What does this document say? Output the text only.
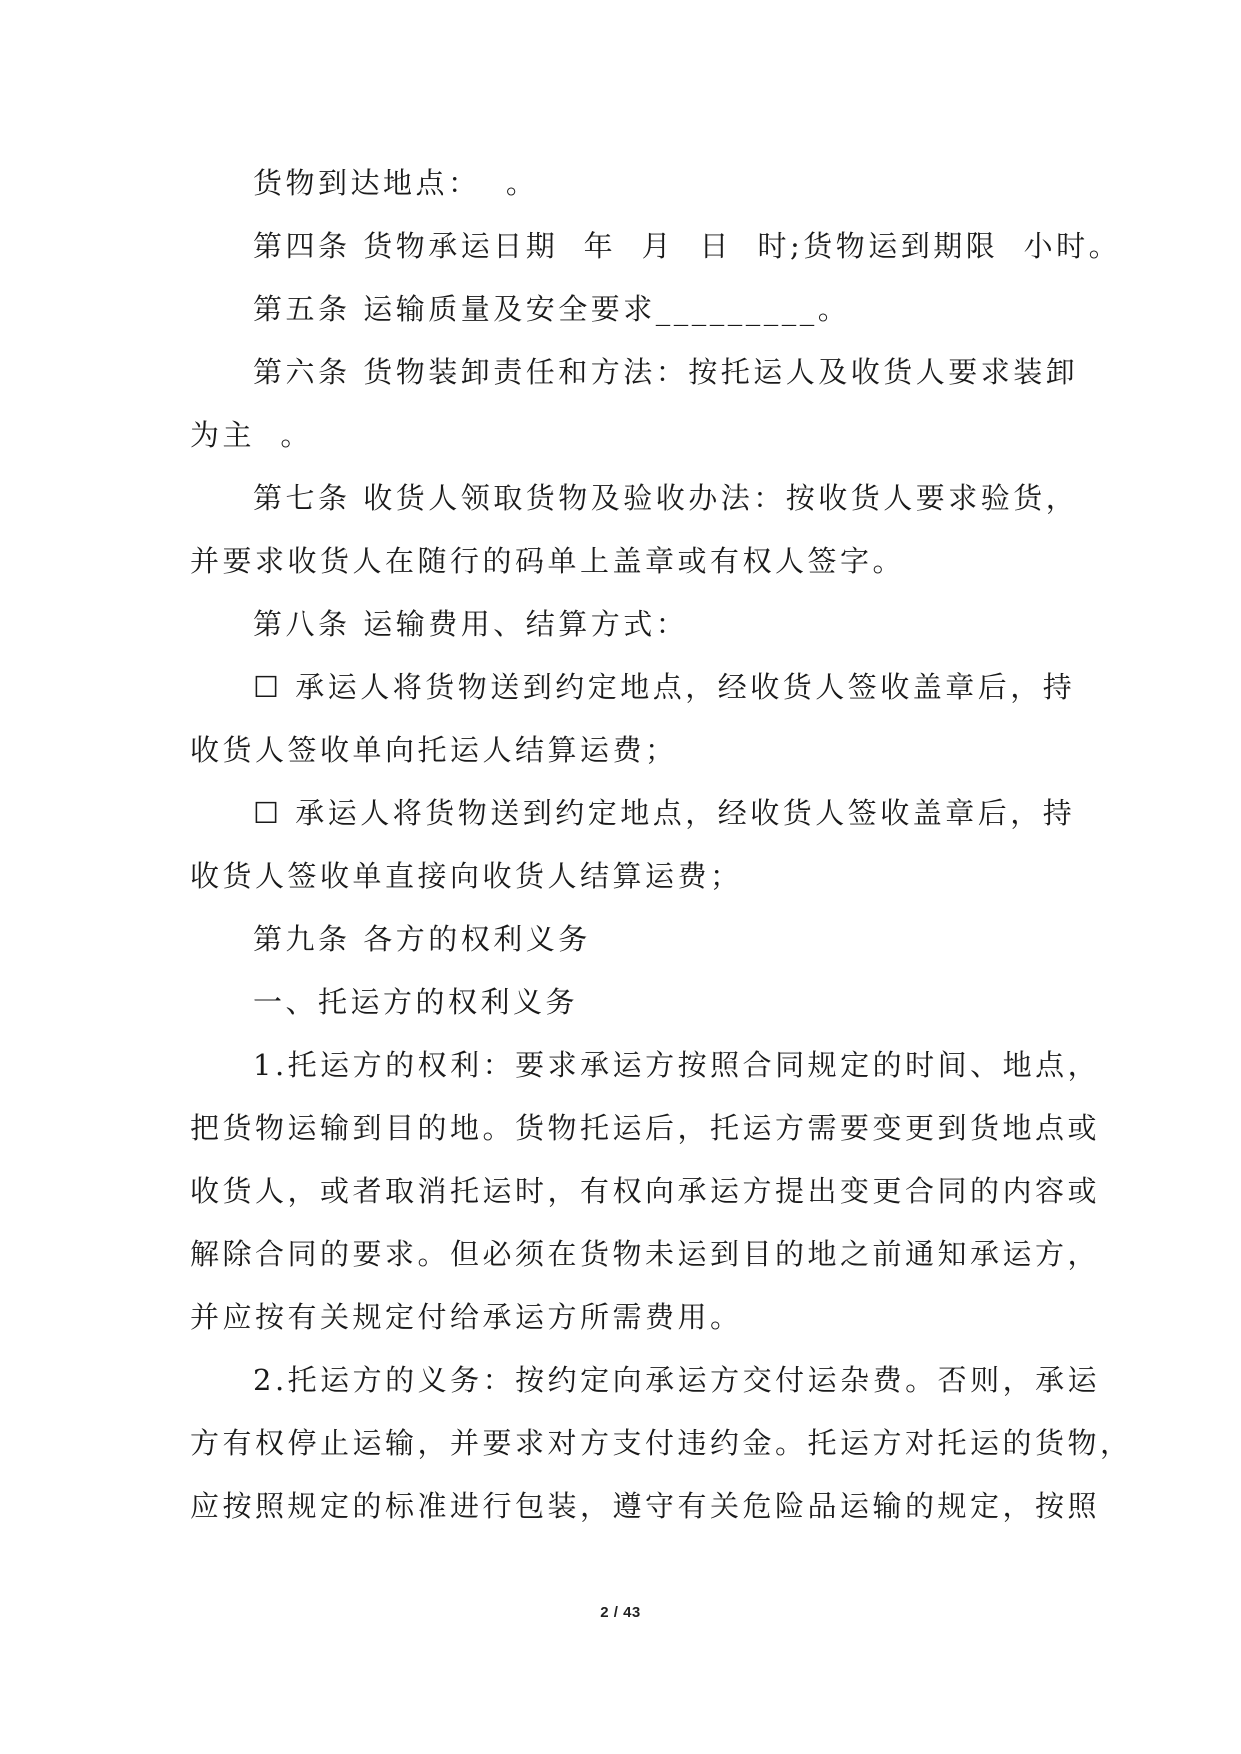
货物到达地点：  。
第四条 货物承运日期  年  月  日  时;货物运到期限  小时。
第五条 运输质量及安全要求_________。
第六条 货物装卸责任和方法：按托运人及收货人要求装卸
为主  。
第七条 收货人领取货物及验收办法：按收货人要求验货，
并要求收货人在随行的码单上盖章或有权人签字。
第八条 运输费用、结算方式：
☐ 承运人将货物送到约定地点，经收货人签收盖章后，持
收货人签收单向托运人结算运费；
☐ 承运人将货物送到约定地点，经收货人签收盖章后，持
收货人签收单直接向收货人结算运费；
第九条 各方的权利义务
一、托运方的权利义务
1.托运方的权利：要求承运方按照合同规定的时间、地点，
把货物运输到目的地。货物托运后，托运方需要变更到货地点或
收货人，或者取消托运时，有权向承运方提出变更合同的内容或
解除合同的要求。但必须在货物未运到目的地之前通知承运方，
并应按有关规定付给承运方所需费用。
2.托运方的义务：按约定向承运方交付运杂费。否则，承运
方有权停止运输，并要求对方支付违约金。托运方对托运的货物，
应按照规定的标准进行包装，遵守有关危险品运输的规定，按照
2 / 43
